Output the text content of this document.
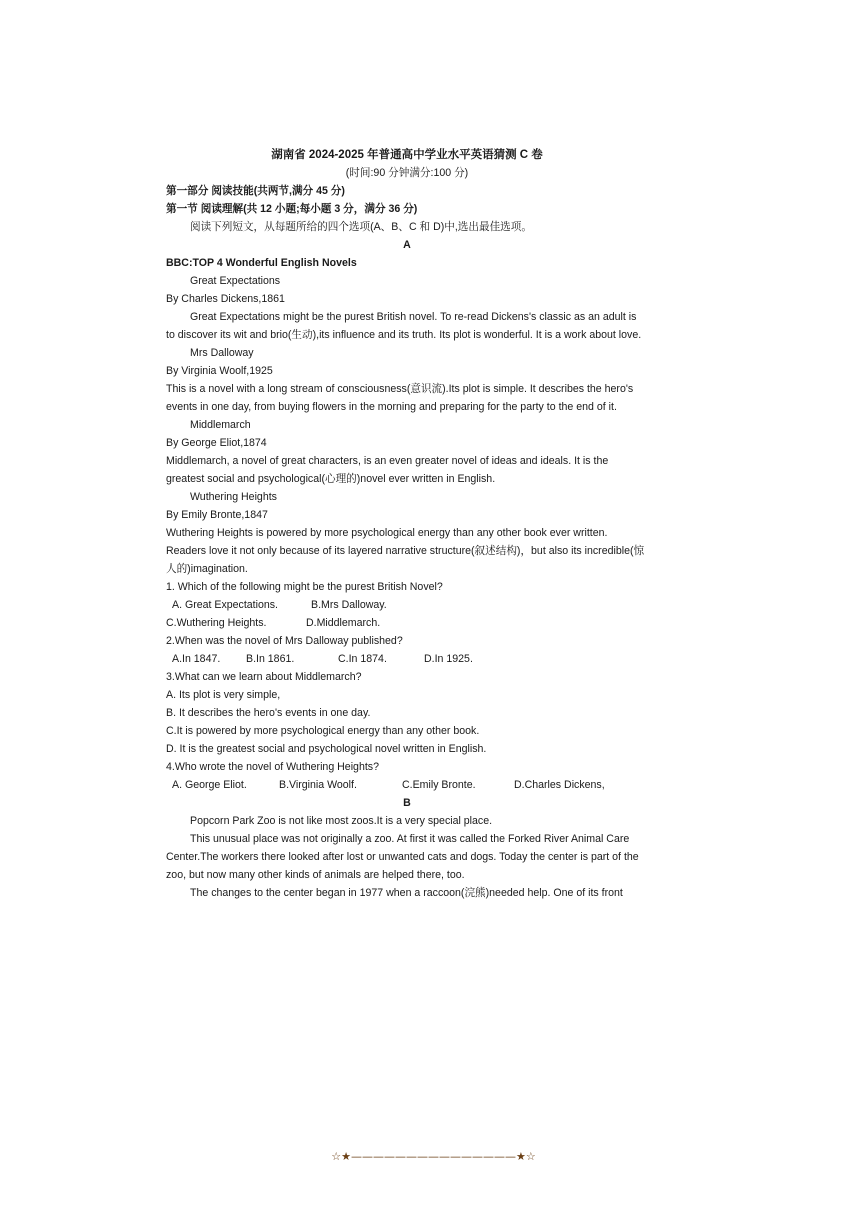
湖南省 2024-2025 年普通高中学业水平英语猜测 C 卷
(时间:90 分钟满分:100 分)
第一部分 阅读技能(共两节,满分 45 分)
第一节 阅读理解(共 12 小题;每小题 3 分，满分 36 分)
阅读下列短文，从每题所给的四个选项(A、B、C 和 D)中,选出最佳选项。
A
BBC:TOP 4 Wonderful English Novels
Great Expectations
By Charles Dickens,1861

Great Expectations might be the purest British novel. To re-read Dickens's classic as an adult is to discover its wit and brio(生动),its influence and its truth. Its plot is wonderful. It is a work about love.

Mrs Dalloway
By Virginia Woolf,1925

This is a novel with a long stream of consciousness(意识流).Its plot is simple. It describes the hero's events in one day, from buying flowers in the morning and preparing for the party to the end of it.

Middlemarch
By George Eliot,1874

Middlemarch, a novel of great characters, is an even greater novel of ideas and ideals. It is the greatest social and psychological(心理的)novel ever written in English.

Wuthering Heights
By Emily Bronte,1847

Wuthering Heights is powered by more psychological energy than any other book ever written. Readers love it not only because of its layered narrative structure(叙述结构)，but also its incredible(惊人的)imagination.

1. Which of the following might be the purest British Novel?
A. Great Expectations.	B.Mrs Dalloway.
C.Wuthering Heights.	D.Middlemarch.
2.When was the novel of Mrs Dalloway published?
A.In 1847.	B.In 1861.	C.In 1874.	D.In 1925.
3.What can we learn about Middlemarch?
A. Its plot is very simple,
B. It describes the hero's events in one day.
C.It is powered by more psychological energy than any other book.
D. It is the greatest social and psychological novel written in English.
4.Who wrote the novel of Wuthering Heights?
A. George Eliot.	B.Virginia Woolf.	C.Emily Bronte.	D.Charles Dickens,
B

Popcorn Park Zoo is not like most zoos.It is a very special place.

This unusual place was not originally a zoo. At first it was called the Forked River Animal Care Center.The workers there looked after lost or unwanted cats and dogs. Today the center is part of the zoo, but now many other kinds of animals are helped there, too.

The changes to the center began in 1977 when a raccoon(浣熊)needed help. One of its front

☆★———————————————★☆
